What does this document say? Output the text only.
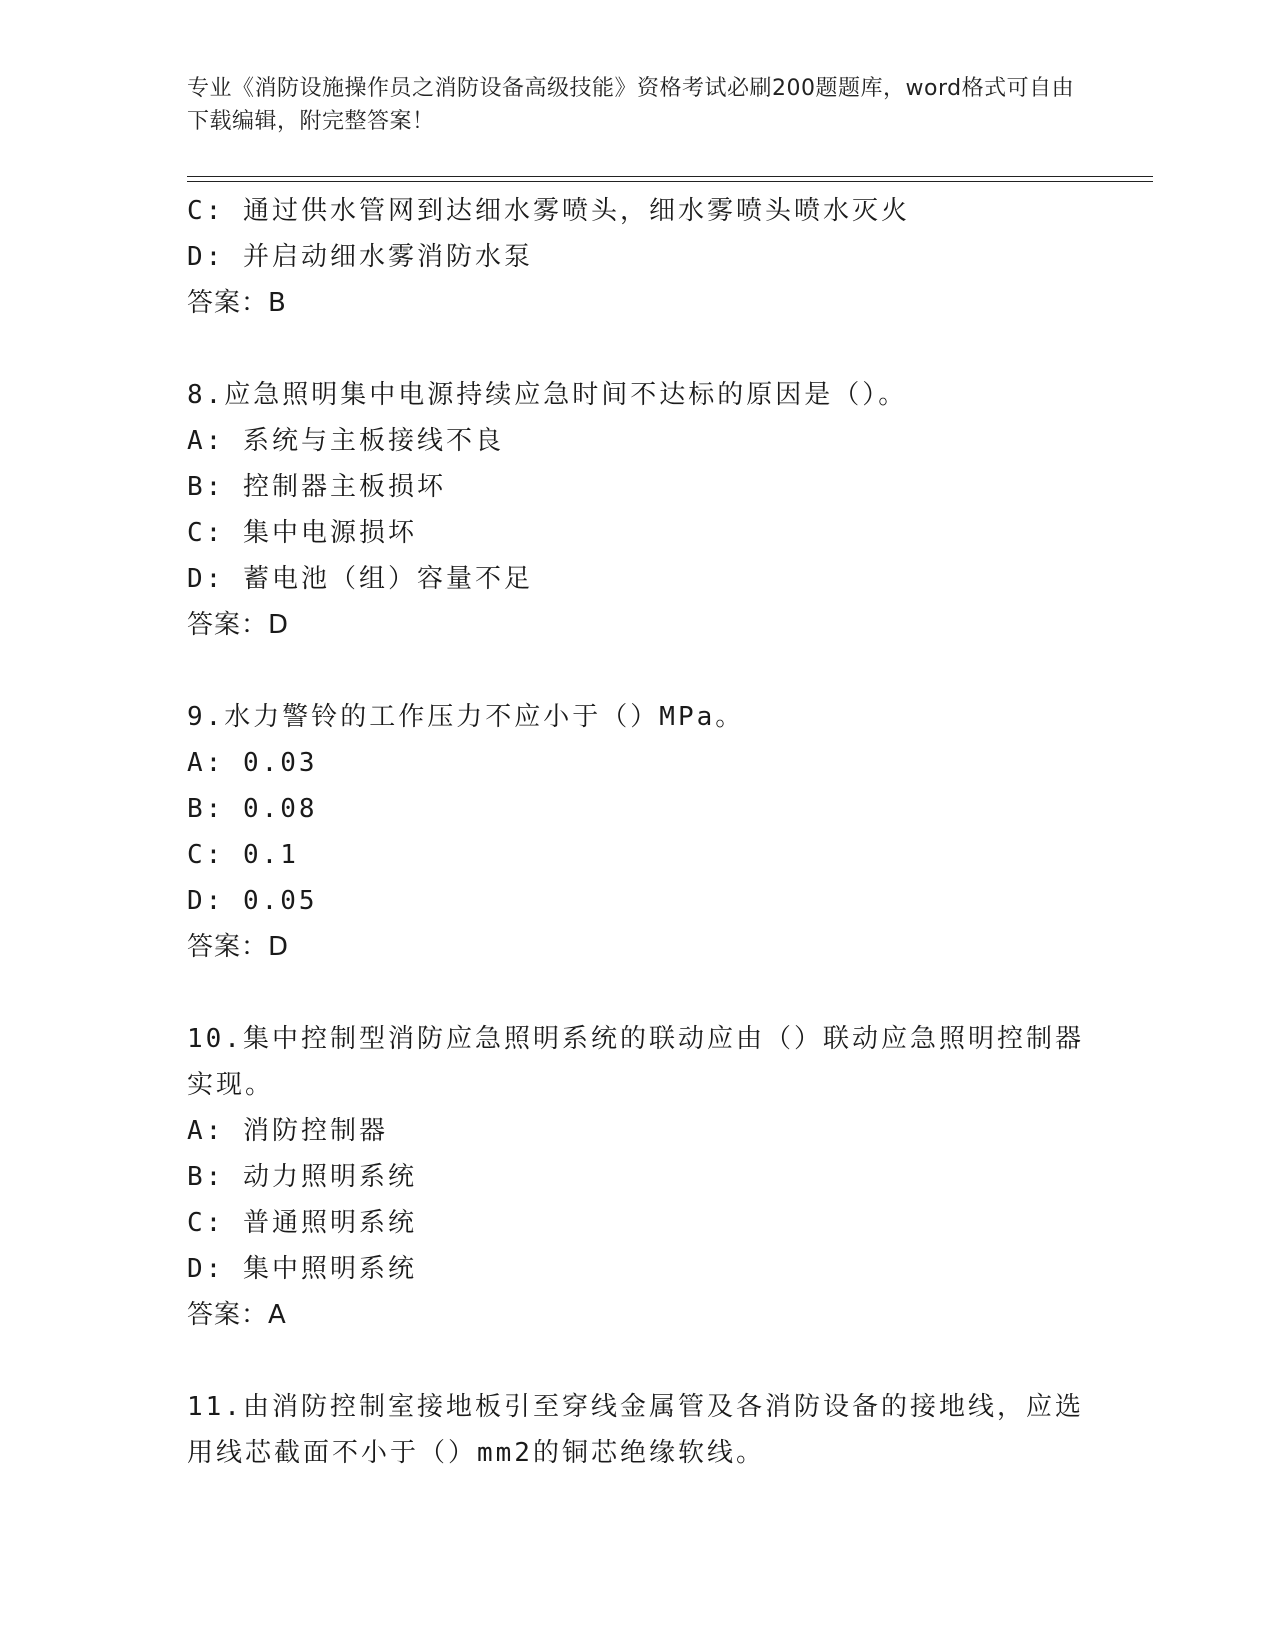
专业《消防设施操作员之消防设备高级技能》资格考试必刷200题题库，word格式可自由下载编辑，附完整答案！
C: 通过供水管网到达细水雾喷头，细水雾喷头喷水灭火
D: 并启动细水雾消防水泵
答案：B
8.应急照明集中电源持续应急时间不达标的原因是（）。
A: 系统与主板接线不良
B: 控制器主板损坏
C: 集中电源损坏
D: 蓄电池（组）容量不足
答案：D
9.水力警铃的工作压力不应小于（）MPa。
A: 0.03
B: 0.08
C: 0.1
D: 0.05
答案：D
10.集中控制型消防应急照明系统的联动应由（）联动应急照明控制器
实现。
A: 消防控制器
B: 动力照明系统
C: 普通照明系统
D: 集中照明系统
答案：A
11.由消防控制室接地板引至穿线金属管及各消防设备的接地线，应选
用线芯截面不小于（）mm2的铜芯绝缘软线。
